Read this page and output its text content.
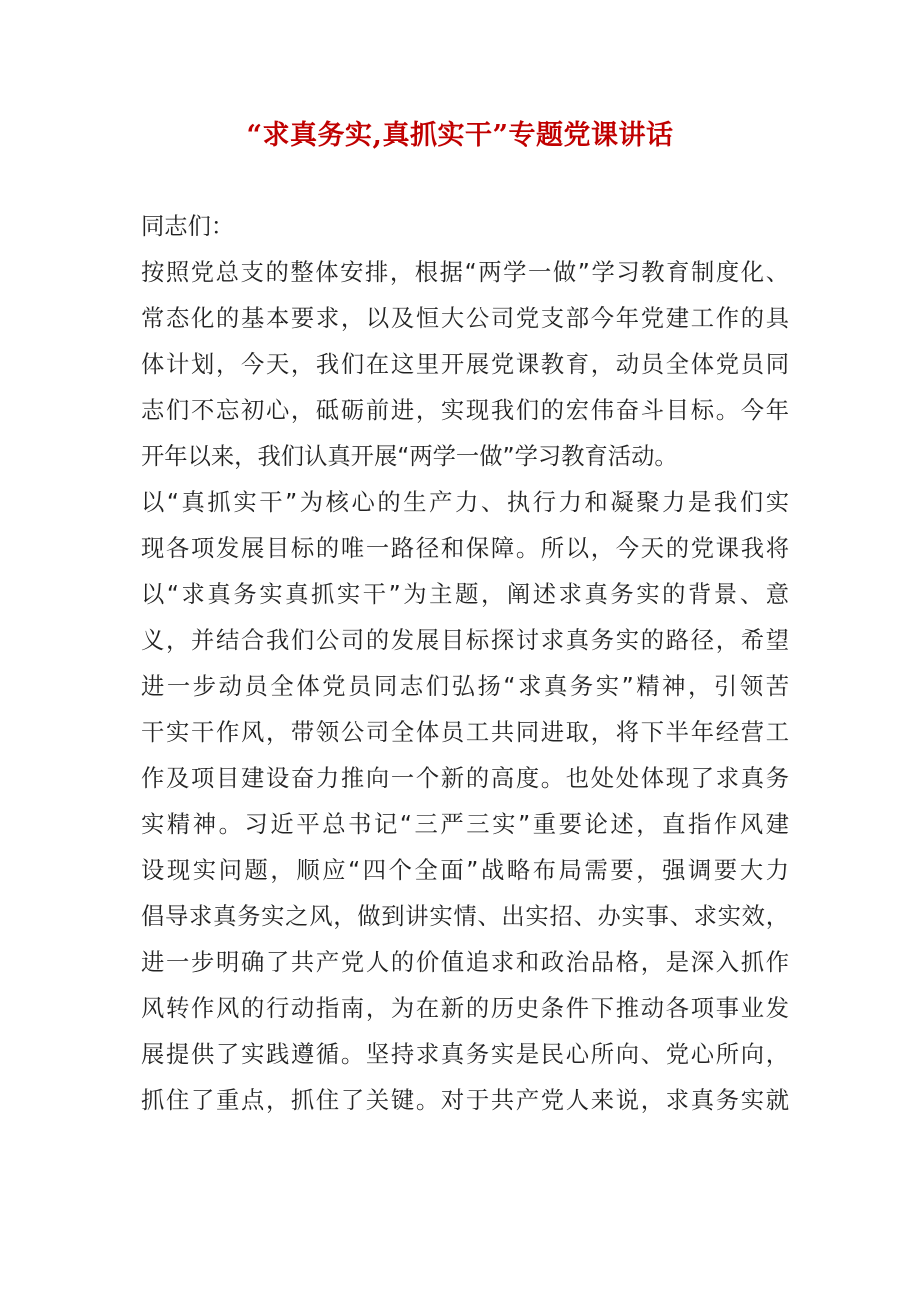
“求真务实,真抓实干”专题党课讲话
同志们：
按照党总支的整体安排，根据“两学一做”学习教育制度化、
常态化的基本要求，以及恒大公司党支部今年党建工作的具
体计划，今天，我们在这里开展党课教育，动员全体党员同
志们不忘初心，砥砺前进，实现我们的宏伟奋斗目标。今年
开年以来，我们认真开展“两学一做”学习教育活动。
以“真抓实干”为核心的生产力、执行力和凝聚力是我们实
现各项发展目标的唯一路径和保障。所以，今天的党课我将
以“求真务实真抓实干”为主题，阐述求真务实的背景、意
义，并结合我们公司的发展目标探讨求真务实的路径，希望
进一步动员全体党员同志们弘扬“求真务实”精神，引领苦
干实干作风，带领公司全体员工共同进取，将下半年经营工
作及项目建设奋力推向一个新的高度。也处处体现了求真务
实精神。习近平总书记“三严三实”重要论述，直指作风建
设现实问题，顺应“四个全面”战略布局需要，强调要大力
倡导求真务实之风，做到讲实情、出实招、办实事、求实效，
进一步明确了共产党人的价值追求和政治品格，是深入抓作
风转作风的行动指南，为在新的历史条件下推动各项事业发
展提供了实践遵循。坚持求真务实是民心所向、党心所向，
抓住了重点，抓住了关键。对于共产党人来说，求真务实就
